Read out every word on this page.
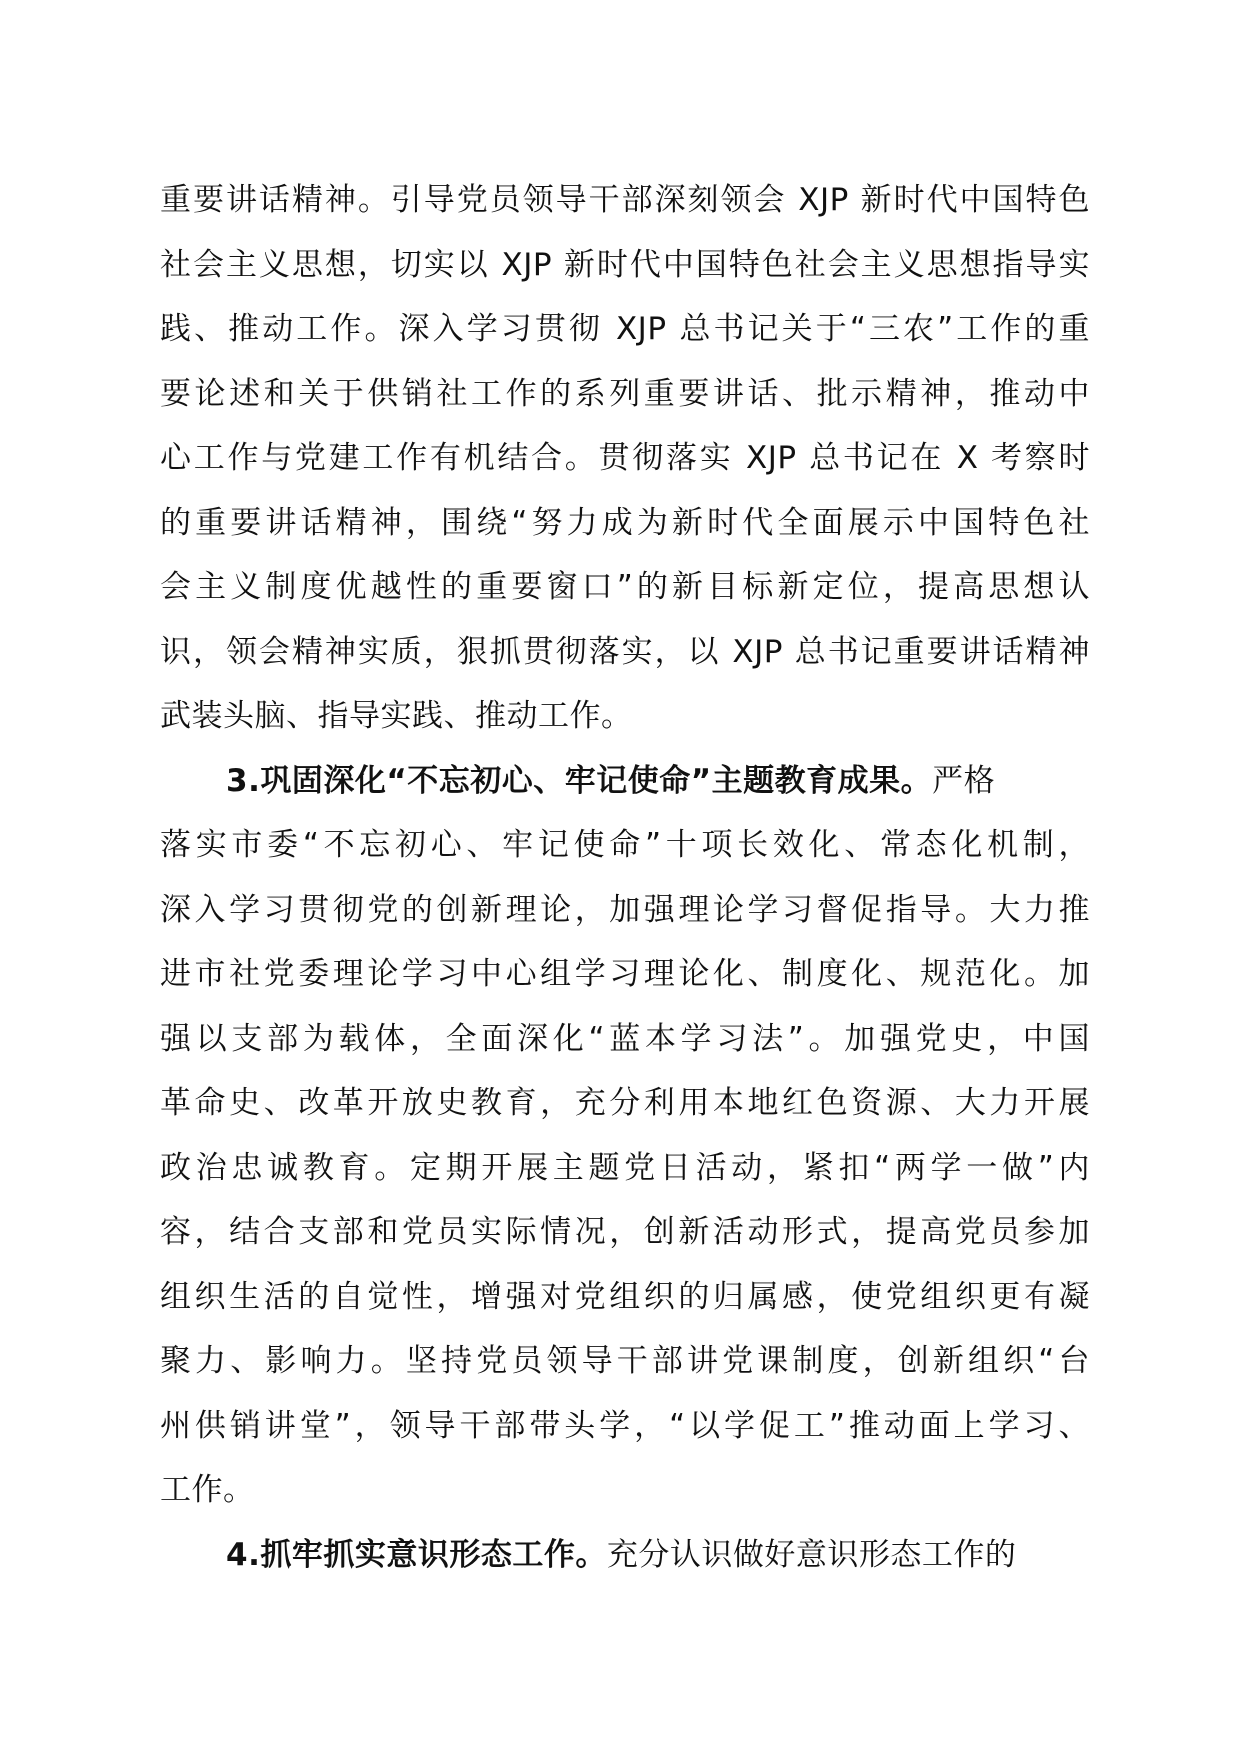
重要讲话精神。引导党员领导干部深刻领会 XJP 新时代中国特色
社会主义思想，切实以 XJP 新时代中国特色社会主义思想指导实
践、推动工作。深入学习贯彻 XJP 总书记关于“三农”工作的重
要论述和关于供销社工作的系列重要讲话、批示精神，推动中
心工作与党建工作有机结合。贯彻落实 XJP 总书记在 X 考察时
的重要讲话精神，围绕“努力成为新时代全面展示中国特色社
会主义制度优越性的重要窗口”的新目标新定位，提高思想认
识，领会精神实质，狠抓贯彻落实，以 XJP 总书记重要讲话精神
武装头脑、指导实践、推动工作。
3.巩固深化“不忘初心、牢记使命”主题教育成果。严格
落实市委“不忘初心、牢记使命”十项长效化、常态化机制，
深入学习贯彻党的创新理论，加强理论学习督促指导。大力推
进市社党委理论学习中心组学习理论化、制度化、规范化。加
强以支部为载体，全面深化“蓝本学习法”。加强党史，中国
革命史、改革开放史教育，充分利用本地红色资源、大力开展
政治忠诚教育。定期开展主题党日活动，紧扣“两学一做”内
容，结合支部和党员实际情况，创新活动形式，提高党员参加
组织生活的自觉性，增强对党组织的归属感，使党组织更有凝
聚力、影响力。坚持党员领导干部讲党课制度，创新组织“台
州供销讲堂”，领导干部带头学，“以学促工”推动面上学习、
工作。
4.抓牢抓实意识形态工作。充分认识做好意识形态工作的
